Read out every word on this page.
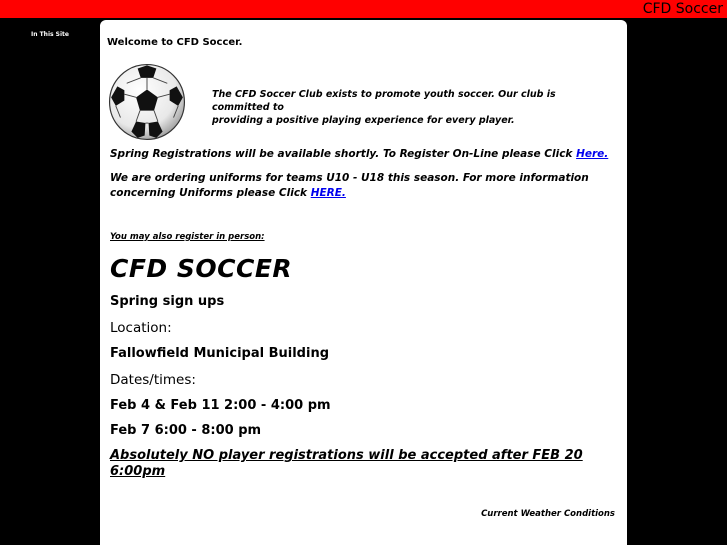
CFD Soccer
In This Site
Welcome to CFD Soccer.
The CFD Soccer Club exists to promote youth soccer. Our club is committed to
providing a positive playing experience for every player.
Spring Registrations will be available shortly. To Register On-Line please Click Here.
We are ordering uniforms for teams U10 - U18 this season. For more information concerning Uniforms please Click HERE.
You may also register in person:
CFD SOCCER
Spring sign ups
Location:
Fallowfield Municipal Building
Dates/times:
Feb 4 & Feb 11 2:00 - 4:00 pm
Feb 7 6:00 - 8:00 pm
Absolutely NO player registrations will be accepted after FEB 20 6:00pm
Current Weather Conditions
